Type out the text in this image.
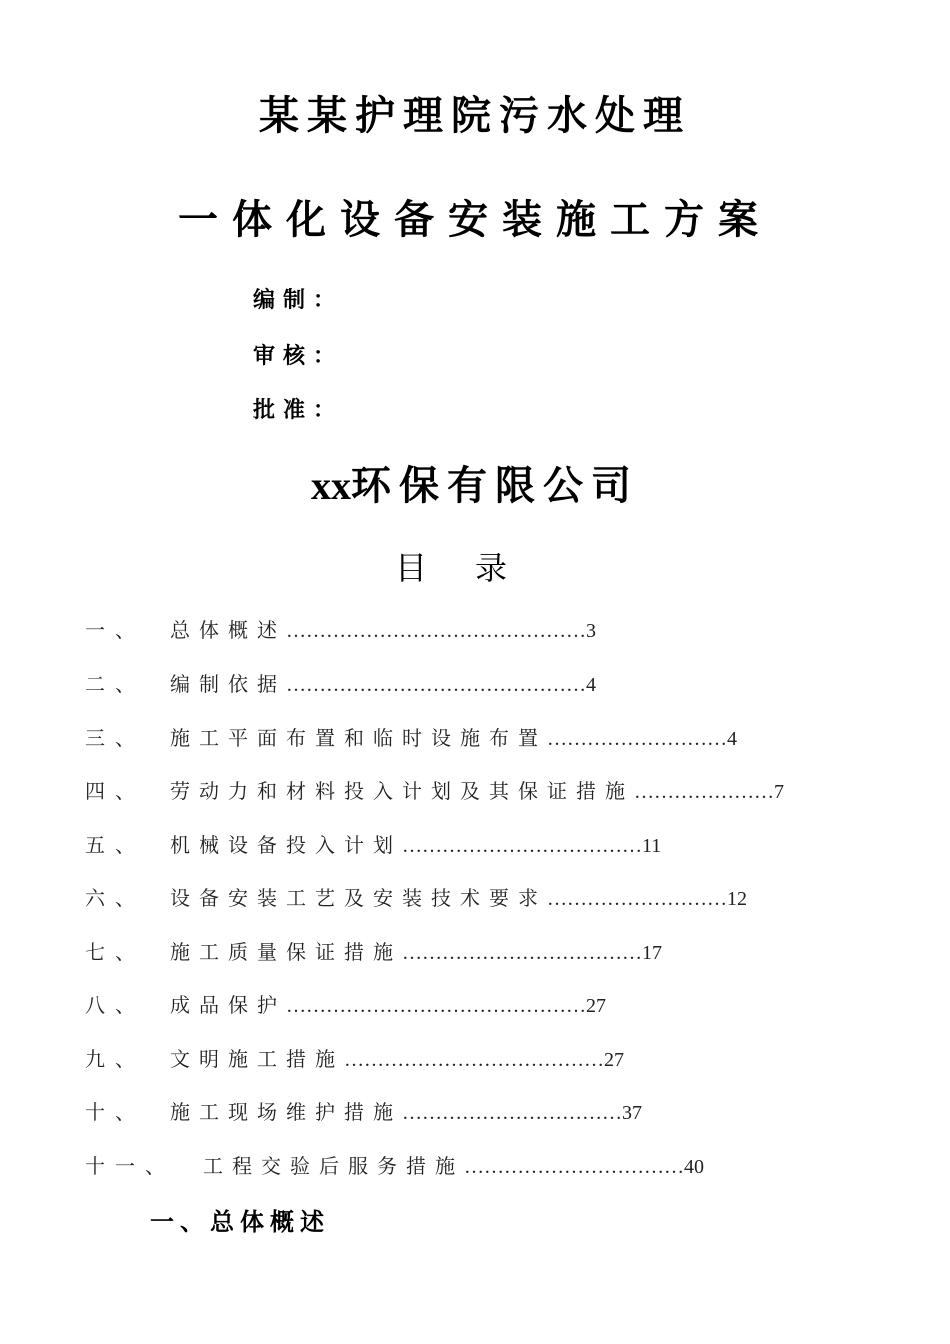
某某护理院污水处理
一体化设备安装施工方案
编制：
审核：
批准：
xx环保有限公司
目录
一、 总体概述………………………………………3
二、 编制依据………………………………………4
三、 施工平面布置和临时设施布置………………………4
四、 劳动力和材料投入计划及其保证措施…………………7
五、 机械设备投入计划………………………………11
六、 设备安装工艺及安装技术要求………………………12
七、 施工质量保证措施………………………………17
八、 成品保护………………………………………27
九、 文明施工措施…………………………………27
十、 施工现场维护措施……………………………37
十一、 工程交验后服务措施……………………………40
一、总体概述
